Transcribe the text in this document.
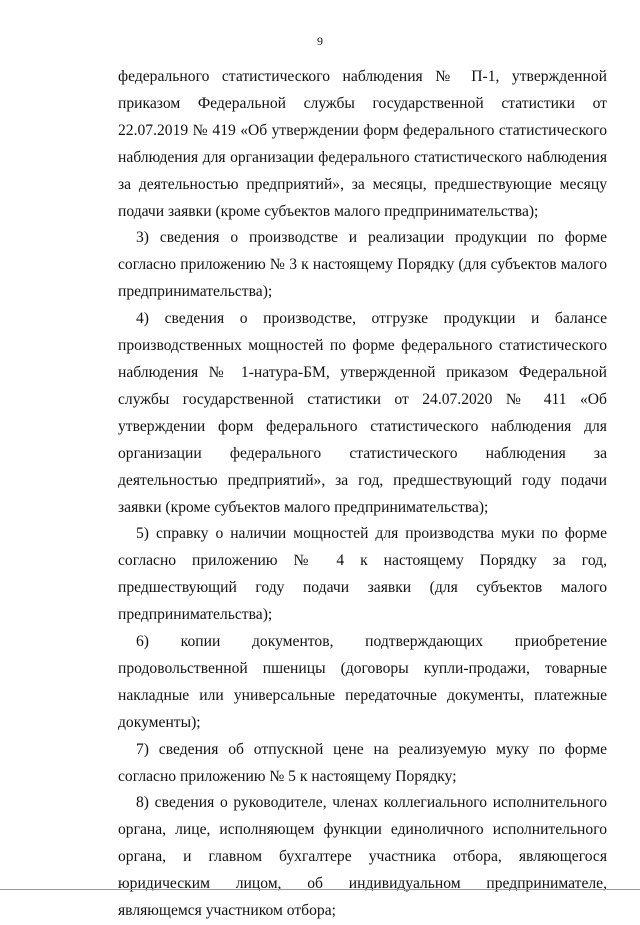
9

федерального статистического наблюдения № П-1, утвержденной приказом Федеральной службы государственной статистики от 22.07.2019 № 419 «Об утверждении форм федерального статистического наблюдения для организации федерального статистического наблюдения за деятельностью предприятий», за месяцы, предшествующие месяцу подачи заявки (кроме субъектов малого предпринимательства);

3) сведения о производстве и реализации продукции по форме согласно приложению № 3 к настоящему Порядку (для субъектов малого предпринимательства);

4) сведения о производстве, отгрузке продукции и балансе производственных мощностей по форме федерального статистического наблюдения № 1-натура-БМ, утвержденной приказом Федеральной службы государственной статистики от 24.07.2020 № 411 «Об утверждении форм федерального статистического наблюдения для организации федерального статистического наблюдения за деятельностью предприятий», за год, предшествующий году подачи заявки (кроме субъектов малого предпринимательства);

5) справку о наличии мощностей для производства муки по форме согласно приложению № 4 к настоящему Порядку за год, предшествующий году подачи заявки (для субъектов малого предпринимательства);

6) копии документов, подтверждающих приобретение продовольственной пшеницы (договоры купли-продажи, товарные накладные или универсальные передаточные документы, платежные документы);

7) сведения об отпускной цене на реализуемую муку по форме согласно приложению № 5 к настоящему Порядку;

8) сведения о руководителе, членах коллегиального исполнительного органа, лице, исполняющем функции единоличного исполнительного органа, и главном бухгалтере участника отбора, являющегося юридическим лицом, об индивидуальном предпринимателе, являющемся участником отбора;
